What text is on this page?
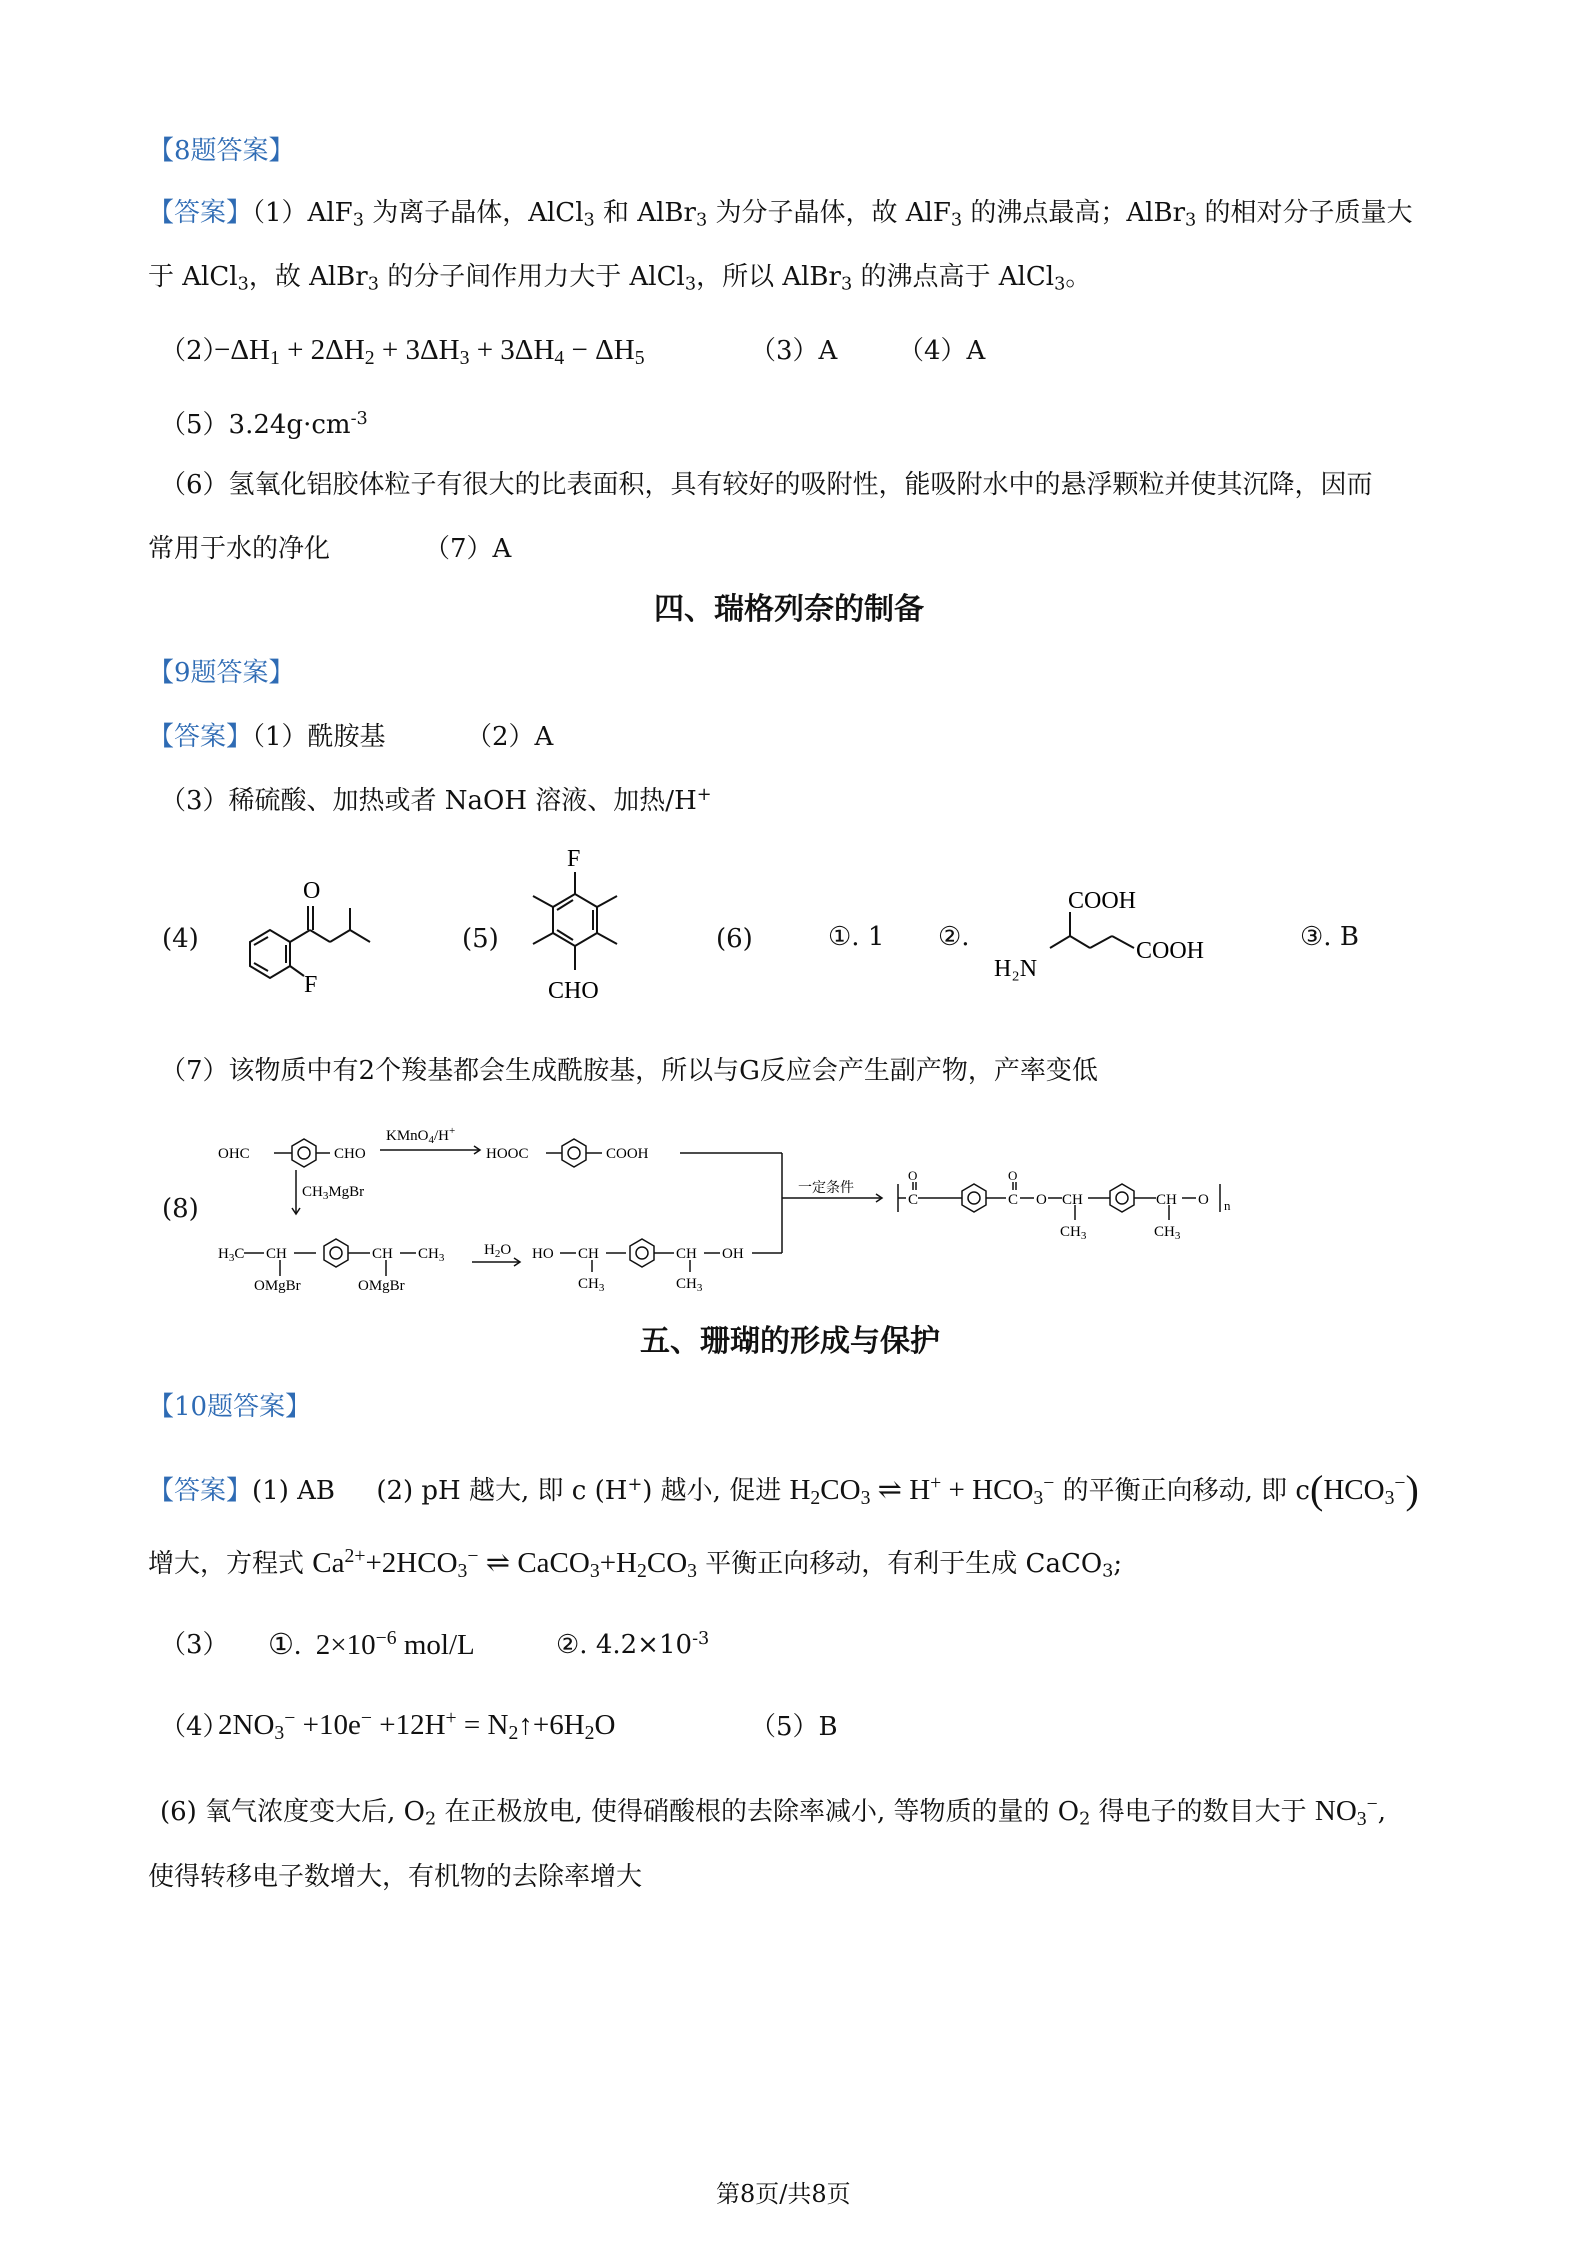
【8题答案】
【答案】（1）AlF$_3$ 为离子晶体，AlCl$_3$ 和 AlBr$_3$ 为分子晶体，故 AlF$_3$ 的沸点最高；AlBr$_3$ 的相对分子质量大
于 AlCl$_3$，故 AlBr$_3$ 的分子间作用力大于 AlCl$_3$，所以 AlBr$_3$ 的沸点高于 AlCl$_3$。
（2）
$-\Delta H_1 + 2\Delta H_2 + 3\Delta H_3 + 3\Delta H_4 - \Delta H_5$	（3）A （4）A
$(5)3.24g\cdot cm^{-3}$
（6）氢氧化铝胶体粒子有很大的比表面积，具有较好的吸附性，能吸附水中的悬浮颗粒并使其沉降，因而
常用于水的净化	（7）A
四、瑞格列奈的制备
【9题答案】
【答案】（1）酰胺基	（2）A
（3）稀硫酸、加热或者 NaOH 溶液、加热/H+
(4)
O
F
(5)
F
CHO
(6)	①. 1 ②.
COOH
COOH
H₂N
③. B
（7）该物质中有2个羧基都会生成酰胺基，所以与G反应会产生副产物，产率变低
(8)
OHC	CHO
KMnO$_4$/H+
HOOC	COOH
$CH_3MgBr$
$H_3C$ CH
OMgBr
CH $CH_3$
OMgBr
$H_2O$ HO CH
$CH_3$
CH OH
$CH_3$
一定条件
C
O
C
O
O CH
$CH_3$
CH O
$CH_3$
n
五、珊瑚的形成与保护
【10题答案】
【答案】(1) AB     (2) pH 越大, 即 c (H+) 越小, 促进 $H_2CO_3$ ⇌ $H^+ + HCO_3^-$ 的平衡正向移动, 即 $c(HCO_3^-)$
增大，方程式 $Ca^{2+}+2HCO_3^-$ ⇌ $CaCO_3+H_2CO_3$ 平衡正向移动，有利于生成 CaCO$_3$;
（3） ①.  $2\times 10^{-6}$ mol/L	②. $4.2\times 10^{-3}$
（4）
$2NO_3^- +10e^- +12H^+$ = $N_2↑+6H_2O$	（5）B
(6) 氧气浓度变大后, $O_2$ 在正极放电, 使得硝酸根的去除率减小, 等物质的量的 $O_2$ 得电子的数目大于 $NO_3^-$,
使得转移电子数增大，有机物的去除率增大
第8页/共8页
